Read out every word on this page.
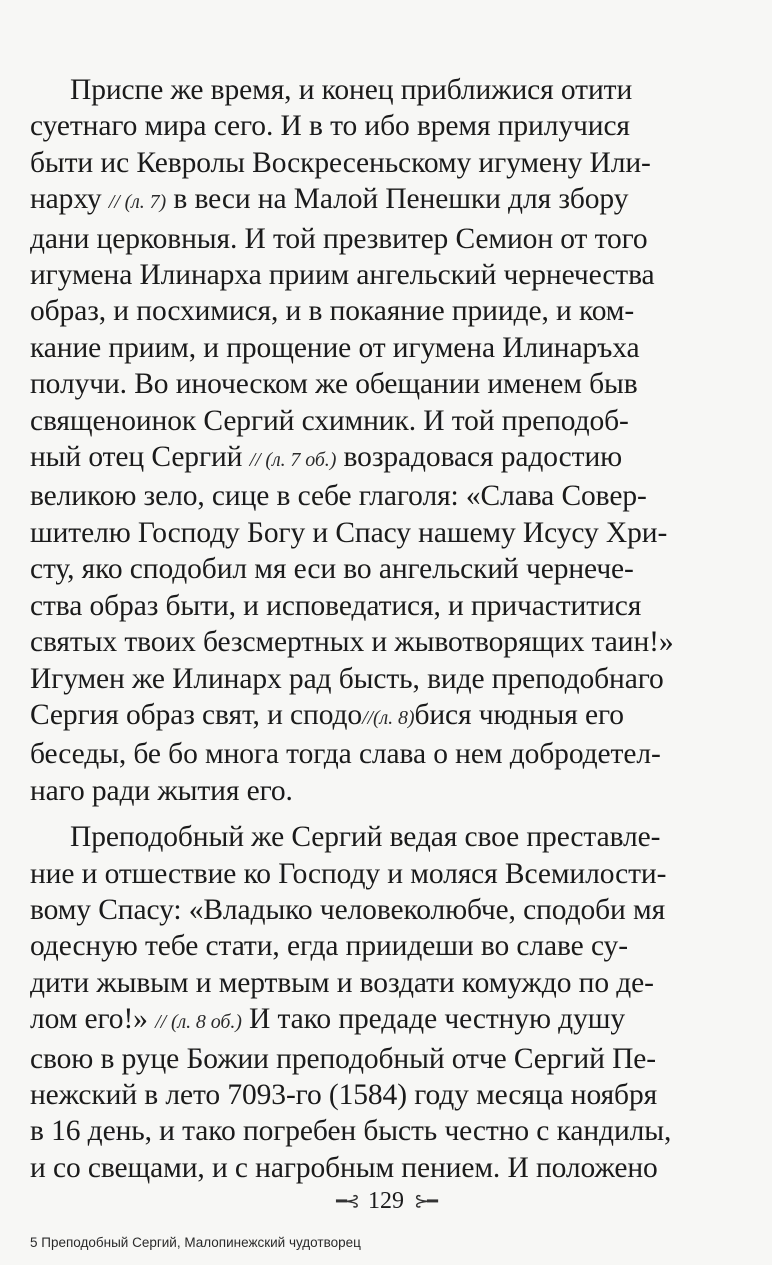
Приспе же время, и конец приближися отити
суетнаго мира сего. И в то ибо время прилучися
быти ис Кевролы Воскресеньскому игумену Или-
нарху // (л. 7) в веси на Малой Пенешки для збору
дани церковныя. И той презвитер Семион от того
игумена Илинарха приим ангельский чернечества
образ, и посхимися, и в покаяние прииде, и ком-
кание приим, и прощение от игумена Илинаръха
получи. Во иноческом же обещании именем быв
священоинок Сергий схимник. И той преподоб-
ный отец Сергий // (л. 7 об.) возрадовася радостию
великою зело, сице в себе глаголя: «Слава Совер-
шителю Господу Богу и Спасу нашему Исусу Хри-
сту, яко сподобил мя еси во ангельский чернече-
ства образ быти, и исповедатися, и причаститися
святых твоих безсмертных и жывотворящих таин!»
Игумен же Илинарх рад бысть, виде преподобнаго
Сергия образ свят, и сподо//(л. 8)бися чюдныя его
беседы, бе бо многа тогда слава о нем добродетел-
наго ради жытия его.
Преподобный же Сергий ведая свое преставле-
ние и отшествие ко Господу и моляся Всемилости-
вому Спасу: «Владыко человеколюбче, сподоби мя
одесную тебе стати, егда приидеши во славе су-
дити жывым и мертвым и воздати комуждо по де-
лом его!» // (л. 8 об.) И тако предаде честную душу
свою в руце Божии преподобный отче Сергий Пе-
нежский в лето 7093-го (1584) году месяца ноября
в 16 день, и тако погребен бысть честно с кандилы,
и со свещами, и с нагробным пением. И положено
━⊰ 129 ⊱━
5 Преподобный Сергий, Малопинежский чудотворец
